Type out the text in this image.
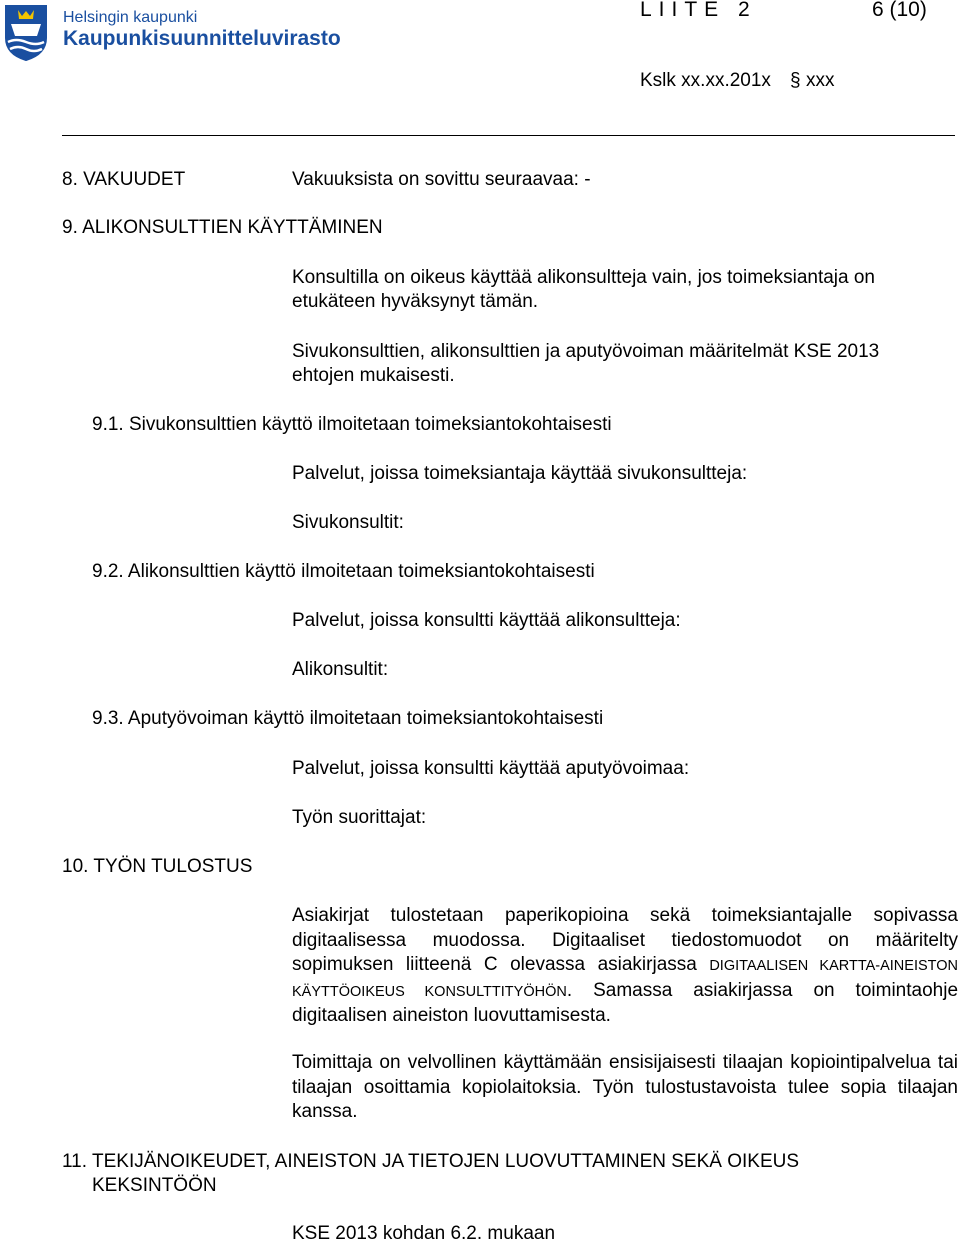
Helsingin kaupunki
Kaupunkisuunnitteluvirasto
LIITE 2	6 (10)
Kslk xx.xx.201x § xxx
8. VAKUUDET	Vakuuksista on sovittu seuraavaa: -
9. ALIKONSULTTIEN KÄYTTÄMINEN
Konsultilla on oikeus käyttää alikonsultteja vain, jos toimeksiantaja on
etukäteen hyväksynyt tämän.
Sivukonsulttien, alikonsulttien ja aputyövoiman määritelmät KSE 2013
ehtojen mukaisesti.
9.1. Sivukonsulttien käyttö ilmoitetaan toimeksiantokohtaisesti
Palvelut, joissa toimeksiantaja käyttää sivukonsultteja:
Sivukonsultit:
9.2. Alikonsulttien käyttö ilmoitetaan toimeksiantokohtaisesti
Palvelut, joissa konsultti käyttää alikonsultteja:
Alikonsultit:
9.3. Aputyövoiman käyttö ilmoitetaan toimeksiantokohtaisesti
Palvelut, joissa konsultti käyttää aputyövoimaa:
Työn suorittajat:
10. TYÖN TULOSTUS
Asiakirjat tulostetaan paperikopioina sekä toimeksiantajalle sopivassa digitaalisessa muodossa. Digitaaliset tiedostomuodot on määritelty sopimuksen liitteenä C olevassa asiakirjassa DIGITAALISEN KARTTA-AINEISTON KÄYTTÖOIKEUS KONSULTTITYÖHÖN. Samassa asiakirjassa on toimintaohje digitaalisen aineiston luovuttamisesta.
Toimittaja on velvollinen käyttämään ensisijaisesti tilaajan kopiointipalvelua tai tilaajan osoittamia kopiolaitoksia. Työn tulostustavoista tulee sopia tilaajan kanssa.
11. TEKIJÄNOIKEUDET, AINEISTON JA TIETOJEN LUOVUTTAMINEN SEKÄ OIKEUS
KEKSINTÖÖN
KSE 2013 kohdan 6.2. mukaan
